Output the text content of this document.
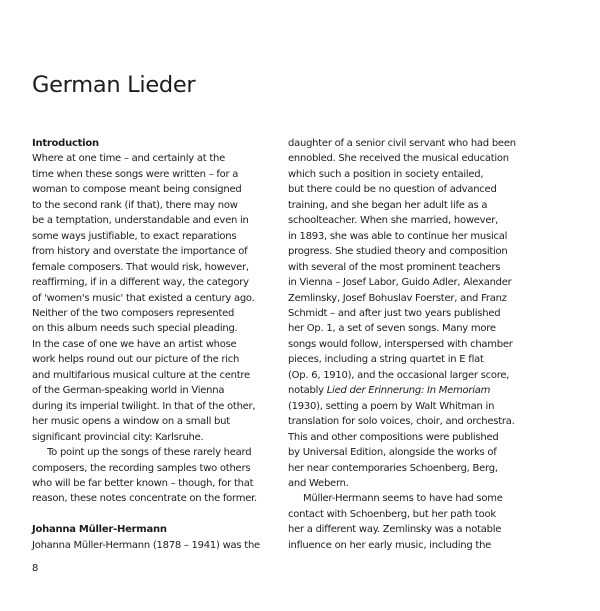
German Lieder
Introduction
Where at one time – and certainly at the
time when these songs were written – for a
woman to compose meant being consigned
to the second rank (if that), there may now
be a temptation, understandable and even in
some ways justifiable, to exact reparations
from history and overstate the importance of
female composers. That would risk, however,
reaffirming, if in a different way, the category
of 'women's music' that existed a century ago.
Neither of the two composers represented
on this album needs such special pleading.
In the case of one we have an artist whose
work helps round out our picture of the rich
and multifarious musical culture at the centre
of the German-speaking world in Vienna
during its imperial twilight. In that of the other,
her music opens a window on a small but
significant provincial city: Karlsruhe.
To point up the songs of these rarely heard
composers, the recording samples two others
who will be far better known – though, for that
reason, these notes concentrate on the former.
Johanna Müller-Hermann
Johanna Müller-Hermann (1878 – 1941) was the
daughter of a senior civil servant who had been
ennobled. She received the musical education
which such a position in society entailed,
but there could be no question of advanced
training, and she began her adult life as a
schoolteacher. When she married, however,
in 1893, she was able to continue her musical
progress. She studied theory and composition
with several of the most prominent teachers
in Vienna – Josef Labor, Guido Adler, Alexander
Zemlinsky, Josef Bohuslav Foerster, and Franz
Schmidt – and after just two years published
her Op. 1, a set of seven songs. Many more
songs would follow, interspersed with chamber
pieces, including a string quartet in E flat
(Op. 6, 1910), and the occasional larger score,
notably Lied der Erinnerung: In Memoriam
(1930), setting a poem by Walt Whitman in
translation for solo voices, choir, and orchestra.
This and other compositions were published
by Universal Edition, alongside the works of
her near contemporaries Schoenberg, Berg,
and Webern.
Müller-Hermann seems to have had some
contact with Schoenberg, but her path took
her a different way. Zemlinsky was a notable
influence on her early music, including the
8
